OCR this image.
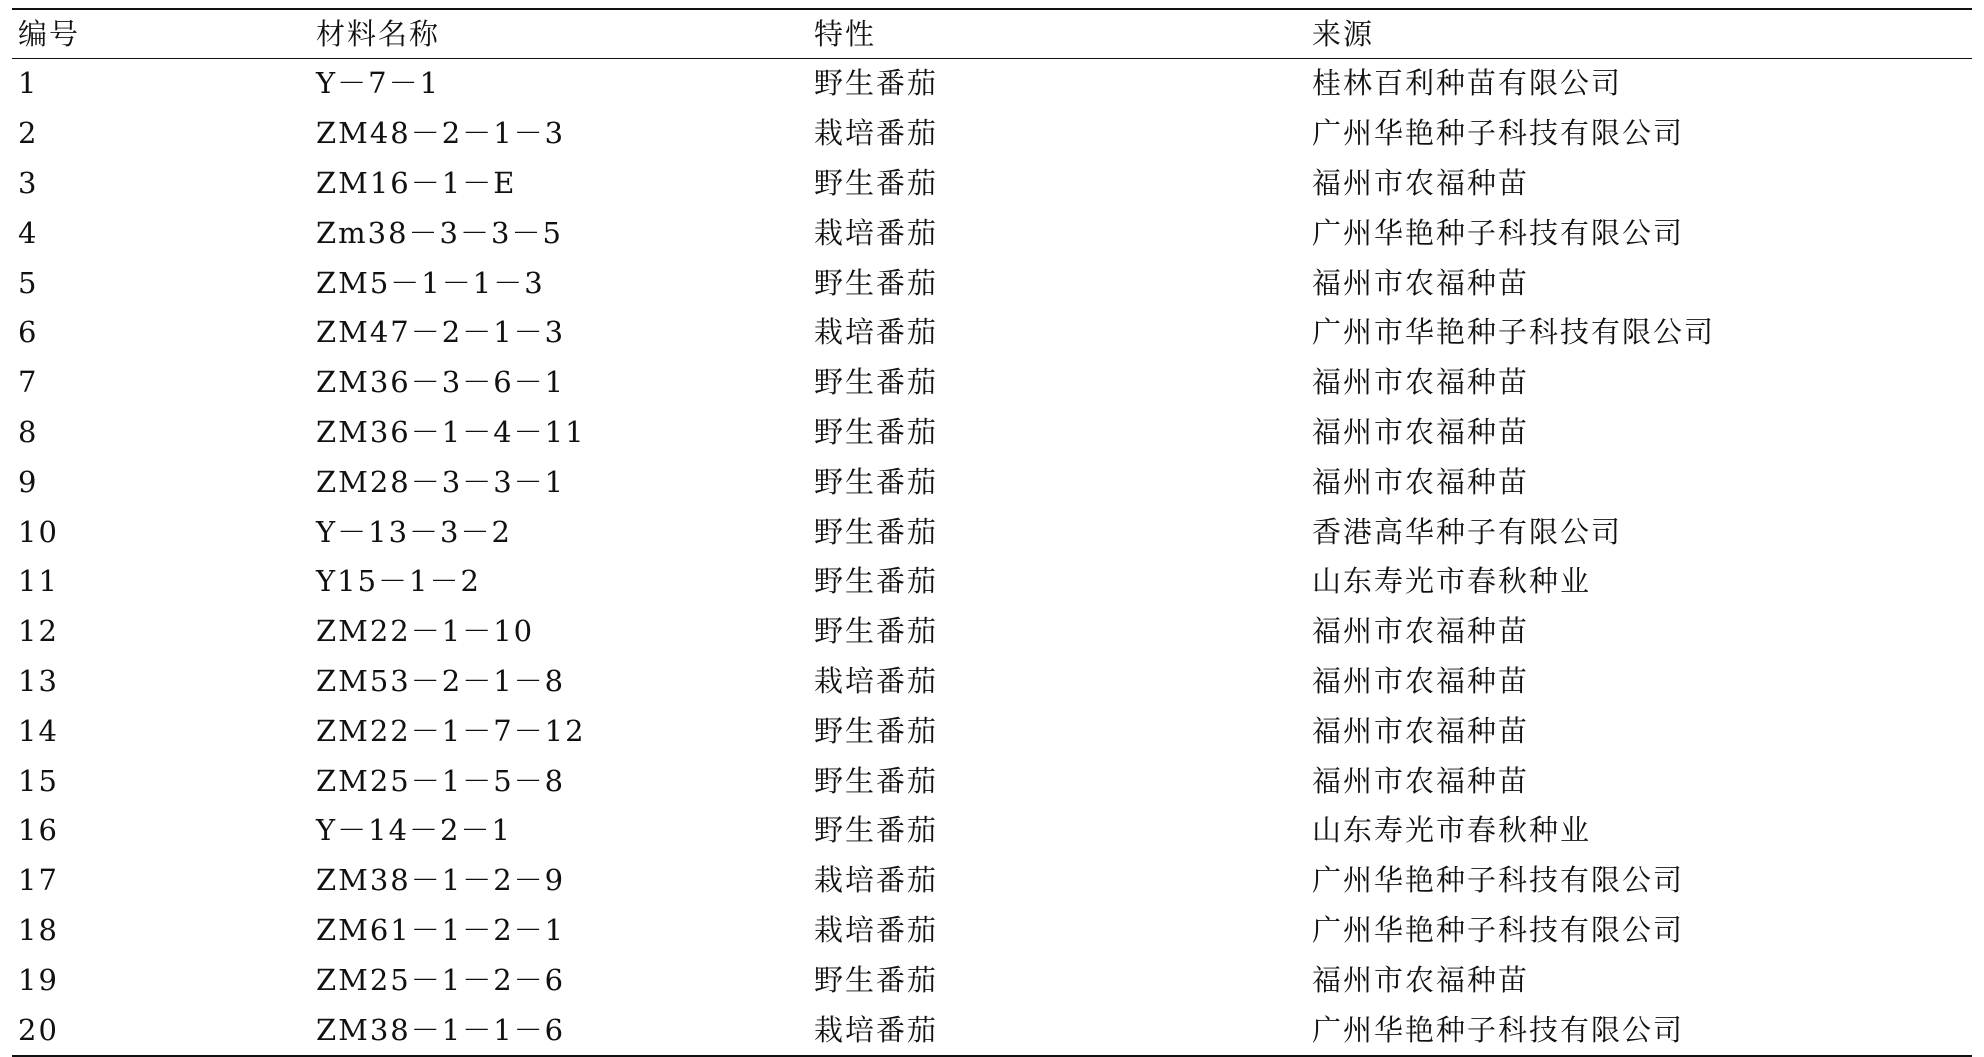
编号	材料名称	特性	来源
1	Y－7－1	野生番茄	桂林百利种苗有限公司
2	ZM48－2－1－3	栽培番茄	广州华艳种子科技有限公司
3	ZM16－1－E	野生番茄	福州市农福种苗
4	Zm38－3－3－5	栽培番茄	广州华艳种子科技有限公司
5	ZM5－1－1－3	野生番茄	福州市农福种苗
6	ZM47－2－1－3	栽培番茄	广州市华艳种子科技有限公司
7	ZM36－3－6－1	野生番茄	福州市农福种苗
8	ZM36－1－4－11	野生番茄	福州市农福种苗
9	ZM28－3－3－1	野生番茄	福州市农福种苗
10	Y－13－3－2	野生番茄	香港高华种子有限公司
11	Y15－1－2	野生番茄	山东寿光市春秋种业
12	ZM22－1－10	野生番茄	福州市农福种苗
13	ZM53－2－1－8	栽培番茄	福州市农福种苗
14	ZM22－1－7－12	野生番茄	福州市农福种苗
15	ZM25－1－5－8	野生番茄	福州市农福种苗
16	Y－14－2－1	野生番茄	山东寿光市春秋种业
17	ZM38－1－2－9	栽培番茄	广州华艳种子科技有限公司
18	ZM61－1－2－1	栽培番茄	广州华艳种子科技有限公司
19	ZM25－1－2－6	野生番茄	福州市农福种苗
20	ZM38－1－1－6	栽培番茄	广州华艳种子科技有限公司
